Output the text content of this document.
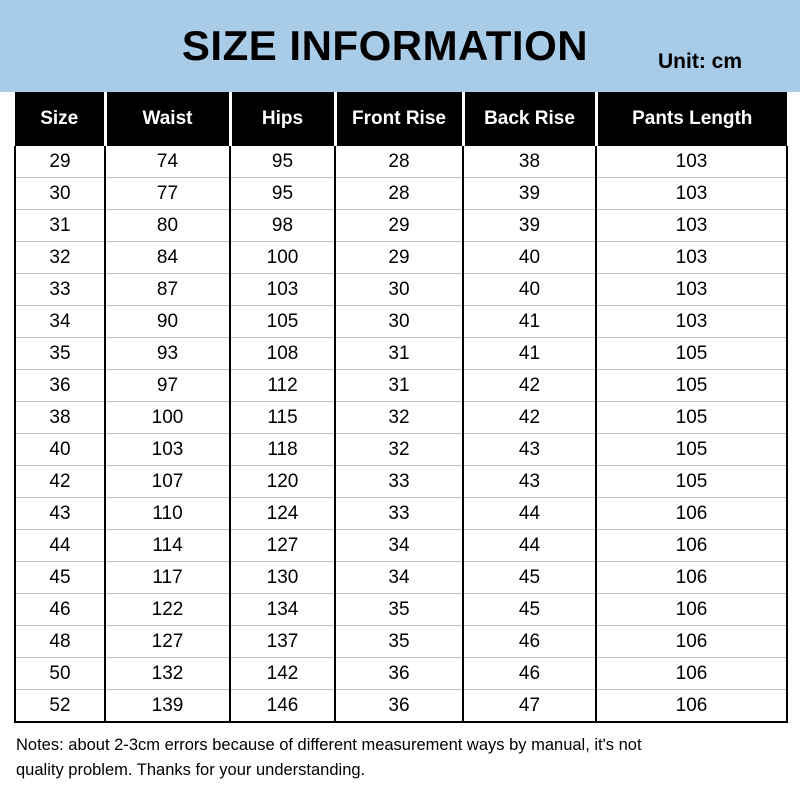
SIZE INFORMATION	Unit: cm
Size	Waist	Hips	Front Rise	Back Rise	Pants Length
29	74	95	28	38	103
30	77	95	28	39	103
31	80	98	29	39	103
32	84	100	29	40	103
33	87	103	30	40	103
34	90	105	30	41	103
35	93	108	31	41	105
36	97	112	31	42	105
38	100	115	32	42	105
40	103	118	32	43	105
42	107	120	33	43	105
43	110	124	33	44	106
44	114	127	34	44	106
45	117	130	34	45	106
46	122	134	35	45	106
48	127	137	35	46	106
50	132	142	36	46	106
52	139	146	36	47	106
Notes: about 2-3cm errors because of different measurement ways by manual, it's not
quality problem. Thanks for your understanding.
